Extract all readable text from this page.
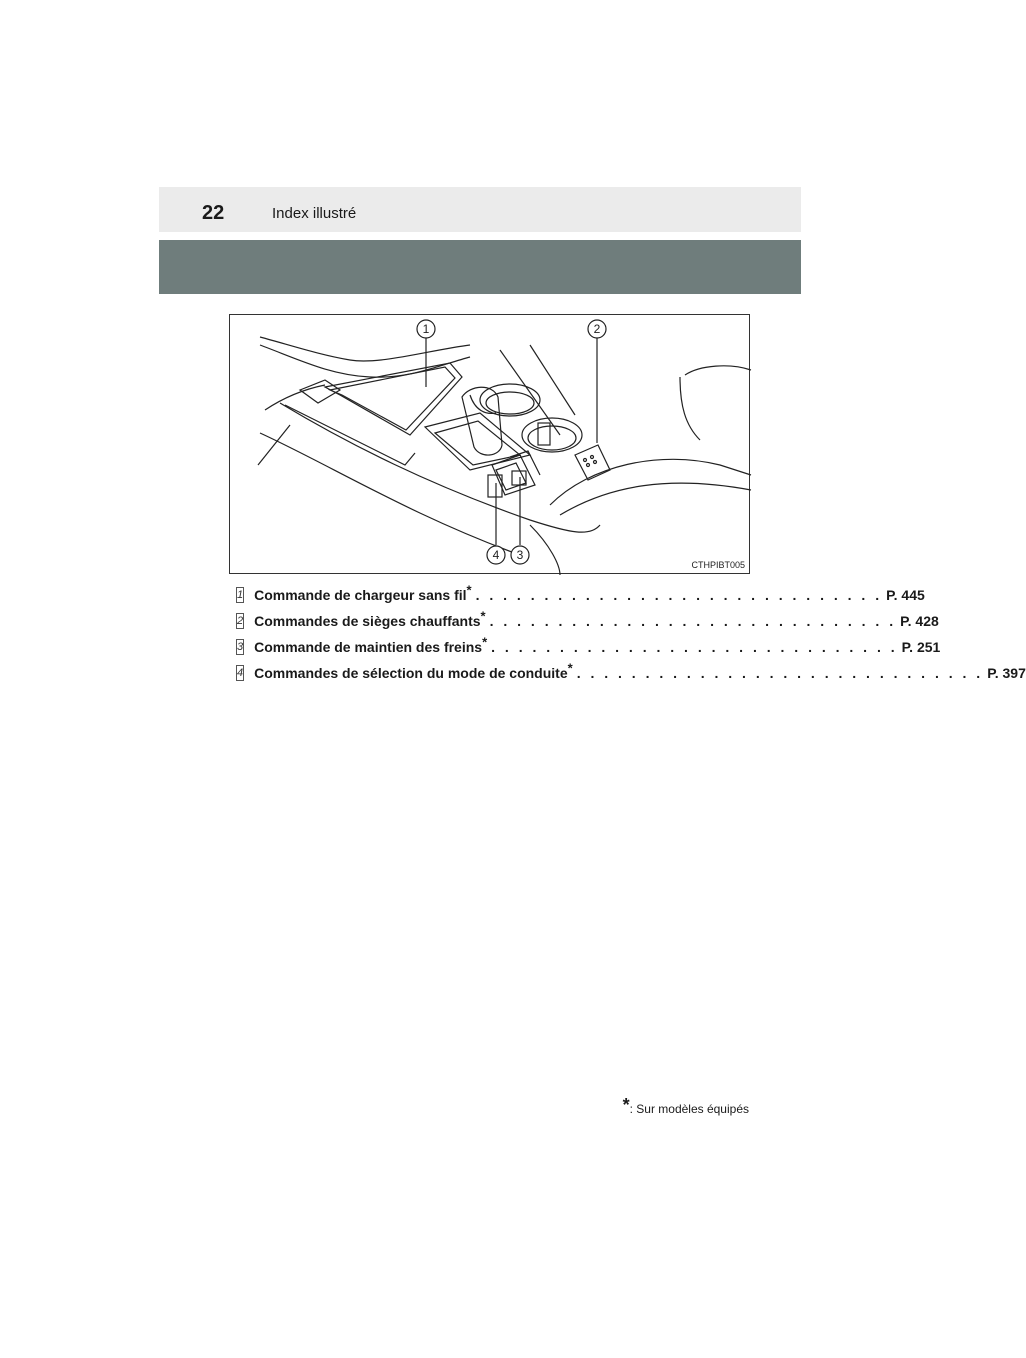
22	Index illustré
1	2
3
4
CTHPIBT005
1 Commande de chargeur sans fil* . . . . . . . . . . . . . . . . . . . . . . . . . . . . . . P. 445
2 Commandes de sièges chauffants* . . . . . . . . . . . . . . . . . . . . . . . . . . . . . . P. 428
3 Commande de maintien des freins* . . . . . . . . . . . . . . . . . . . . . . . . . . . . . . P. 251
4 Commandes de sélection du mode de conduite* . . . . . . . . . . . . . . . . . . . . . . . . . . . . . . P. 397
*: Sur modèles équipés
